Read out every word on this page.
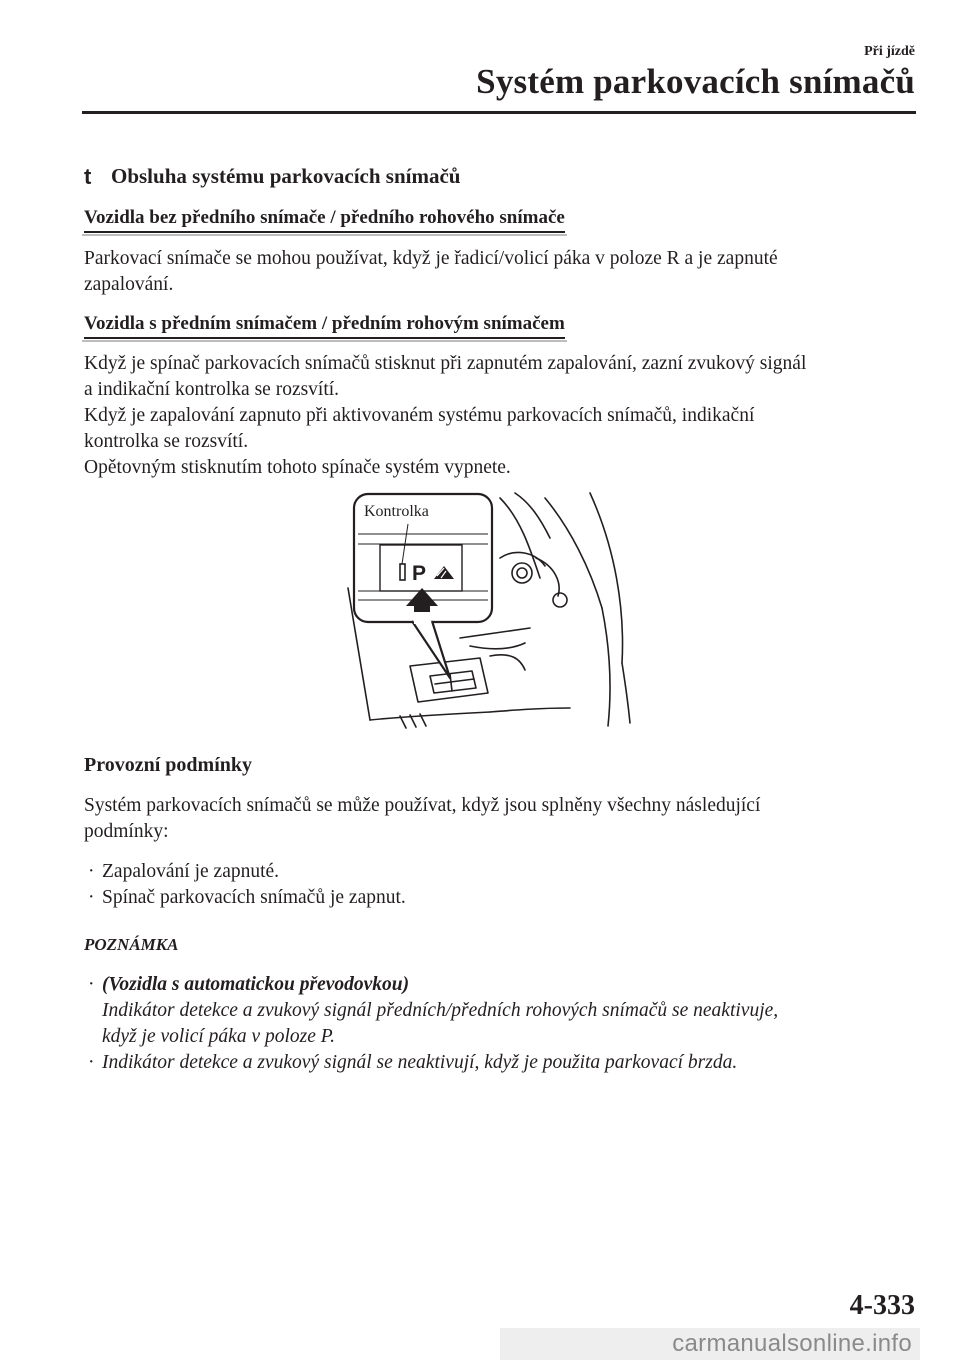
Při jízdě
Systém parkovacích snímačů
t Obsluha systému parkovacích snímačů
Vozidla bez předního snímače / předního rohového snímače
Parkovací snímače se mohou používat, když je řadicí/volicí páka v poloze R a je zapnuté
zapalování.
Vozidla s předním snímačem / předním rohovým snímačem
Když je spínač parkovacích snímačů stisknut při zapnutém zapalování, zazní zvukový signál
a indikační kontrolka se rozsvítí.
Když je zapalování zapnuto při aktivovaném systému parkovacích snímačů, indikační
kontrolka se rozsvítí.
Opětovným stisknutím tohoto spínače systém vypnete.
P
Kontrolka
Provozní podmínky
Systém parkovacích snímačů se může používat, když jsou splněny všechny následující
podmínky:
· Zapalování je zapnuté.
· Spínač parkovacích snímačů je zapnut.
POZNÁMKA
· (Vozidla s automatickou převodovkou)
Indikátor detekce a zvukový signál předních/předních rohových snímačů se neaktivuje,
když je volicí páka v poloze P.
· Indikátor detekce a zvukový signál se neaktivují, když je použita parkovací brzda.
4-333
carmanualsonline.info
